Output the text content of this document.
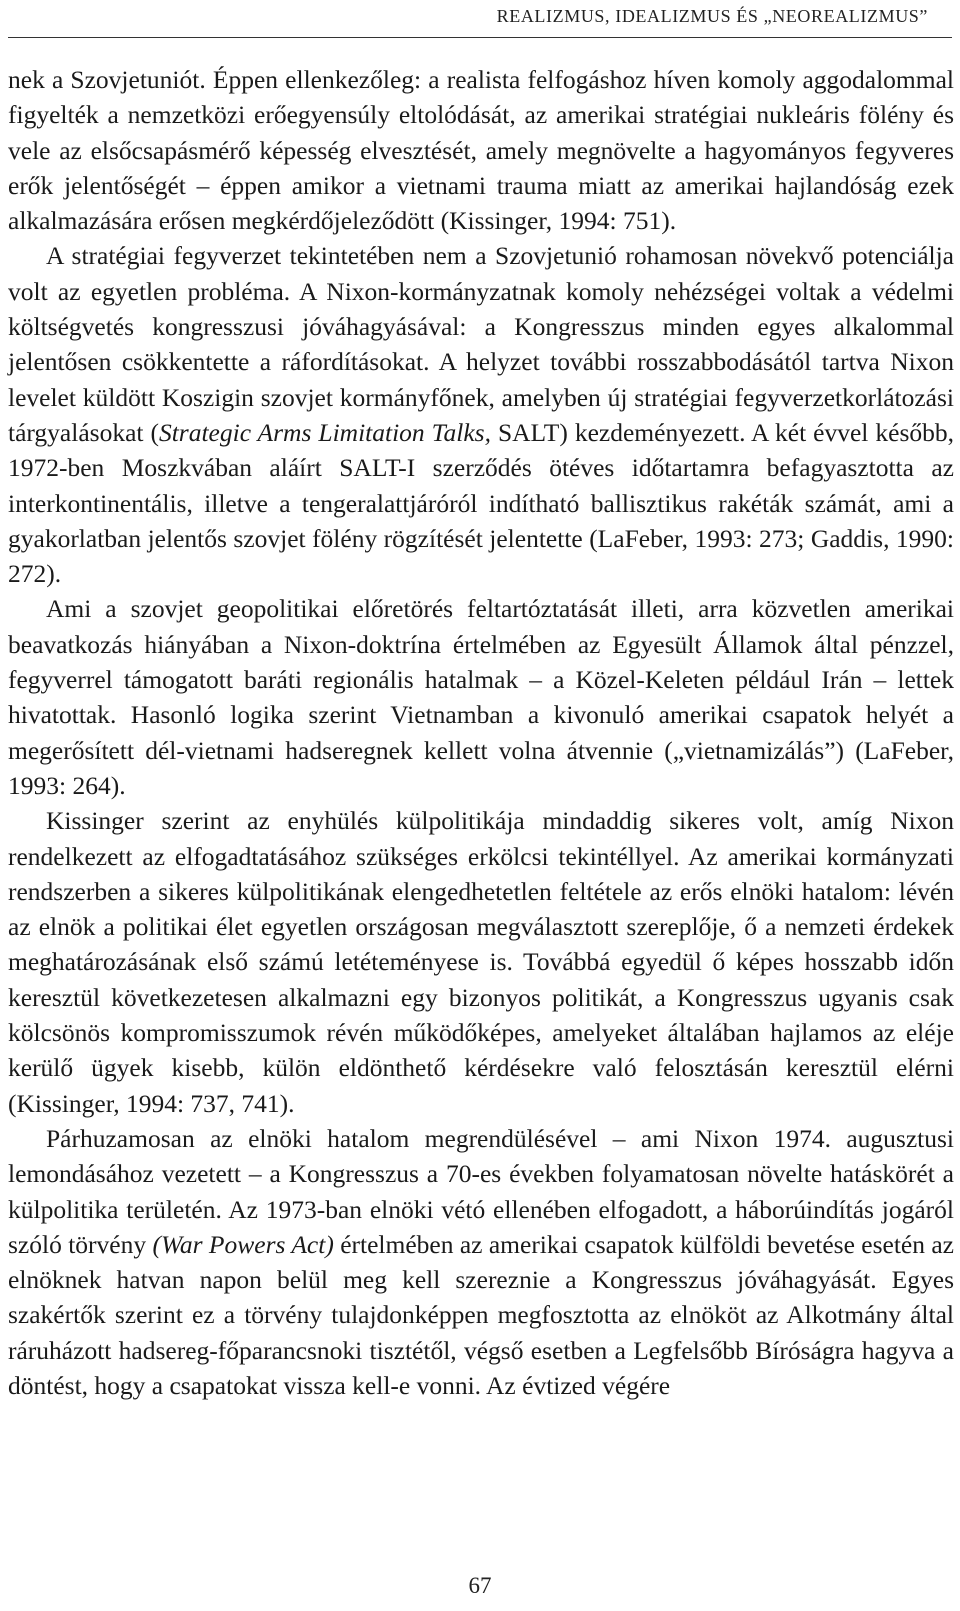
REALIZMUS, IDEALIZMUS ÉS „NEOREALIZMUS”

nek a Szovjetuniót. Éppen ellenkezőleg: a realista felfogáshoz híven komoly aggodalommal figyelték a nemzetközi erőegyensúly eltolódását, az amerikai stratégiai nukleáris fölény és vele az elsőcsapásmérő képesség elvesztését, amely megnövelte a hagyományos fegyveres erők jelentőségét – éppen amikor a vietnami trauma miatt az amerikai hajlandóság ezek alkalmazására erősen megkérdőjeleződött (Kissinger, 1994: 751).

A stratégiai fegyverzet tekintetében nem a Szovjetunió rohamosan növekvő potenciálja volt az egyetlen probléma. A Nixon-kormányzatnak komoly nehézségei voltak a védelmi költségvetés kongresszusi jóváhagyásával: a Kongresszus minden egyes alkalommal jelentősen csökkentette a ráfordításokat. A helyzet további rosszabbodásától tartva Nixon levelet küldött Koszigin szovjet kormányfőnek, amelyben új stratégiai fegyverzetkorlátozási tárgyalásokat (Strategic Arms Limitation Talks, SALT) kezdeményezett. A két évvel később, 1972-ben Moszkvában aláírt SALT-I szerződés ötéves időtartamra befagyasztotta az interkontinentális, illetve a tengeralattjáróról indítható ballisztikus rakéták számát, ami a gyakorlatban jelentős szovjet fölény rögzítését jelentette (LaFeber, 1993: 273; Gaddis, 1990: 272).

Ami a szovjet geopolitikai előretörés feltartóztatását illeti, arra közvetlen amerikai beavatkozás hiányában a Nixon-doktrína értelmében az Egyesült Államok által pénzzel, fegyverrel támogatott baráti regionális hatalmak – a Közel-Keleten például Irán – lettek hivatottak. Hasonló logika szerint Vietnamban a kivonuló amerikai csapatok helyét a megerősített dél-vietnami hadseregnek kellett volna átvennie („vietnamizálás”) (LaFeber, 1993: 264).

Kissinger szerint az enyhülés külpolitikája mindaddig sikeres volt, amíg Nixon rendelkezett az elfogadtatásához szükséges erkölcsi tekintéllyel. Az amerikai kormányzati rendszerben a sikeres külpolitikának elengedhetetlen feltétele az erős elnöki hatalom: lévén az elnök a politikai élet egyetlen országosan megválasztott szereplője, ő a nemzeti érdekek meghatározásának első számú letéteményese is. Továbbá egyedül ő képes hosszabb időn keresztül következetesen alkalmazni egy bizonyos politikát, a Kongresszus ugyanis csak kölcsönös kompromisszumok révén működőképes, amelyeket általában hajlamos az eléje kerülő ügyek kisebb, külön eldönthető kérdésekre való felosztásán keresztül elérni (Kissinger, 1994: 737, 741).

Párhuzamosan az elnöki hatalom megrendülésével – ami Nixon 1974. augusztusi lemondásához vezetett – a Kongresszus a 70-es években folyamatosan növelte hatáskörét a külpolitika területén. Az 1973-ban elnöki vétó ellenében elfogadott, a háborúindítás jogáról szóló törvény (War Powers Act) értelmében az amerikai csapatok külföldi bevetése esetén az elnöknek hatvan napon belül meg kell szereznie a Kongresszus jóváhagyását. Egyes szakértők szerint ez a törvény tulajdonképpen megfosztotta az elnököt az Alkotmány által ráruházott hadsereg-főparancsnoki tisztétől, végső esetben a Legfelsőbb Bíróságra hagyva a döntést, hogy a csapatokat vissza kell-e vonni. Az évtized végére

67
